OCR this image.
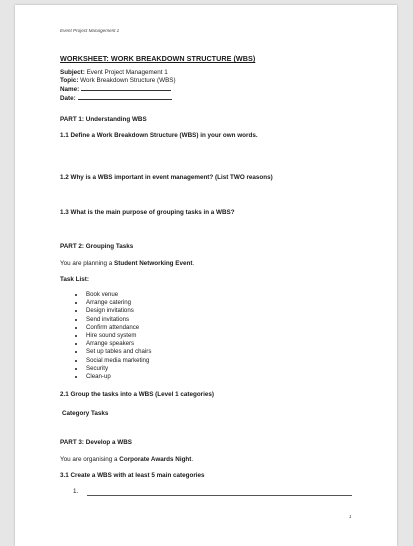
Event Project Management 1
WORKSHEET: WORK BREAKDOWN STRUCTURE (WBS)
Subject: Event Project Management 1
Topic: Work Breakdown Structure (WBS)
Name:
Date:
PART 1: Understanding WBS
1.1 Define a Work Breakdown Structure (WBS) in your own words.
1.2 Why is a WBS important in event management? (List TWO reasons)
1.3 What is the main purpose of grouping tasks in a WBS?
PART 2: Grouping Tasks
You are planning a Student Networking Event.
Task List:
• Book venue
• Arrange catering
• Design invitations
• Send invitations
• Confirm attendance
• Hire sound system
• Arrange speakers
• Set up tables and chairs
• Social media marketing
• Security
• Clean-up
2.1 Group the tasks into a WBS (Level 1 categories)
Category Tasks
PART 3: Develop a WBS
You are organising a Corporate Awards Night.
3.1 Create a WBS with at least 5 main categories
1.
1
